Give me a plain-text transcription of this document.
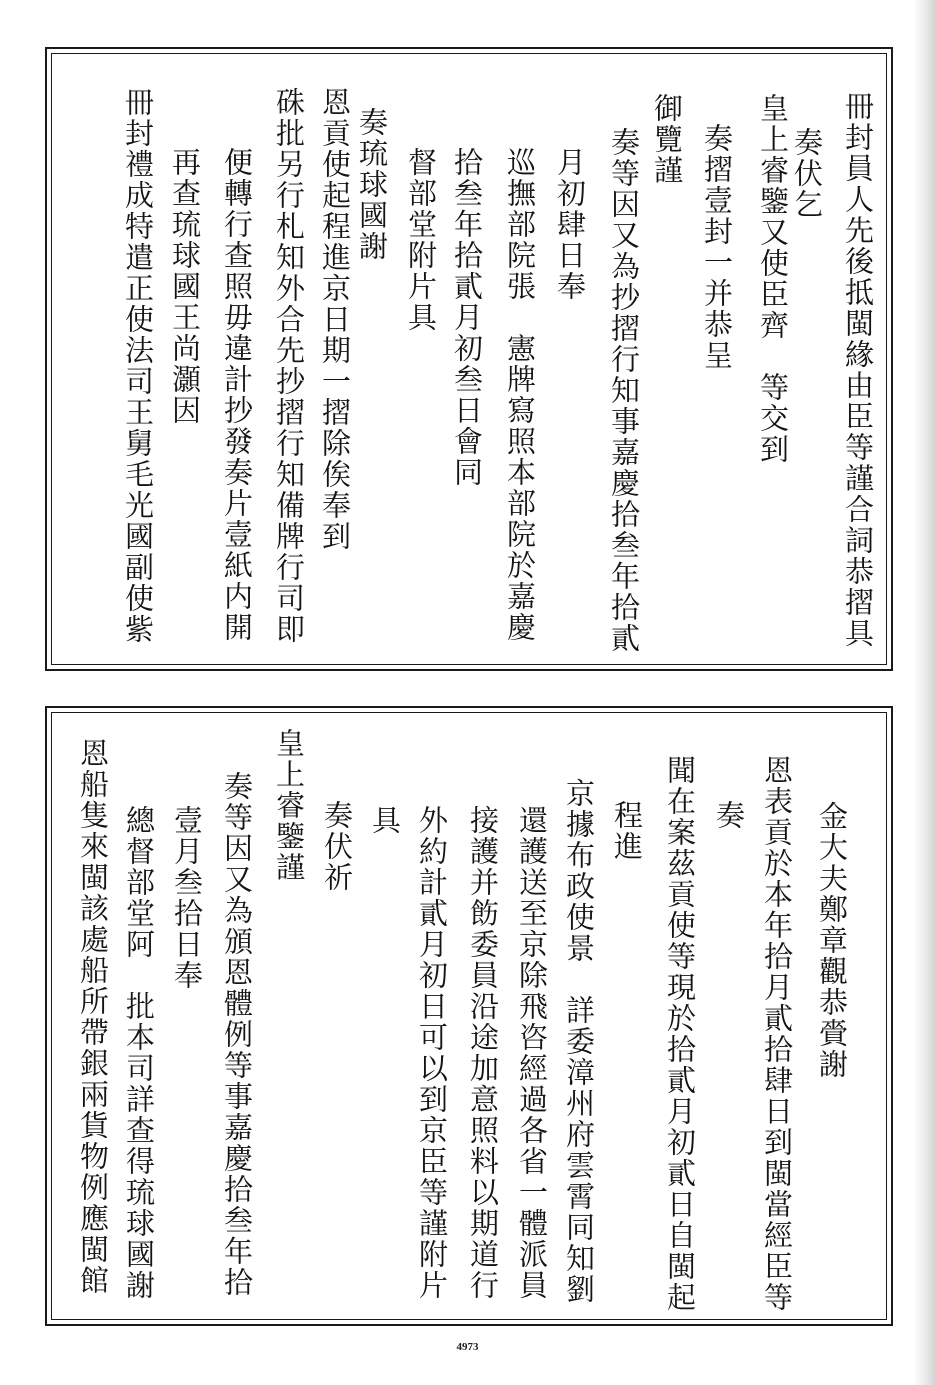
冊封員人先後抵閩緣由臣等謹合詞恭摺具
奏伏乞
皇上睿鑒又使臣齊　等交到
奏摺壹封一并恭呈
御覽謹
奏等因又為抄摺行知事嘉慶拾叁年拾貳
月初肆日奉
巡撫部院張　憲牌寫照本部院於嘉慶
拾叁年拾貳月初叁日會同
督部堂附片具
奏琉球國謝
恩貢使起程進京日期一摺除俟奉到
硃批另行札知外合先抄摺行知備牌行司即
便轉行查照毋違計抄發奏片壹紙内開
再查琉球國王尚灝因
冊封禮成特遣正使法司王舅毛光國副使紫
金大夫鄭章觀恭賫謝
恩表貢於本年拾月貳拾肆日到閩當經臣等
奏
聞在案茲貢使等現於拾貳月初貳日自閩起
程進
京據布政使景　詳委漳州府雲霄同知劉
還護送至京除飛咨經過各省一體派員
接護并飭委員沿途加意照料以期道行
外約計貳月初日可以到京臣等謹附片
具
奏伏祈
皇上睿鑒謹
奏等因又為頒恩體例等事嘉慶拾叁年拾
壹月叁拾日奉
總督部堂阿　批本司詳查得琉球國謝
恩船隻來閩該處船所帶銀兩貨物例應閩館
4973
